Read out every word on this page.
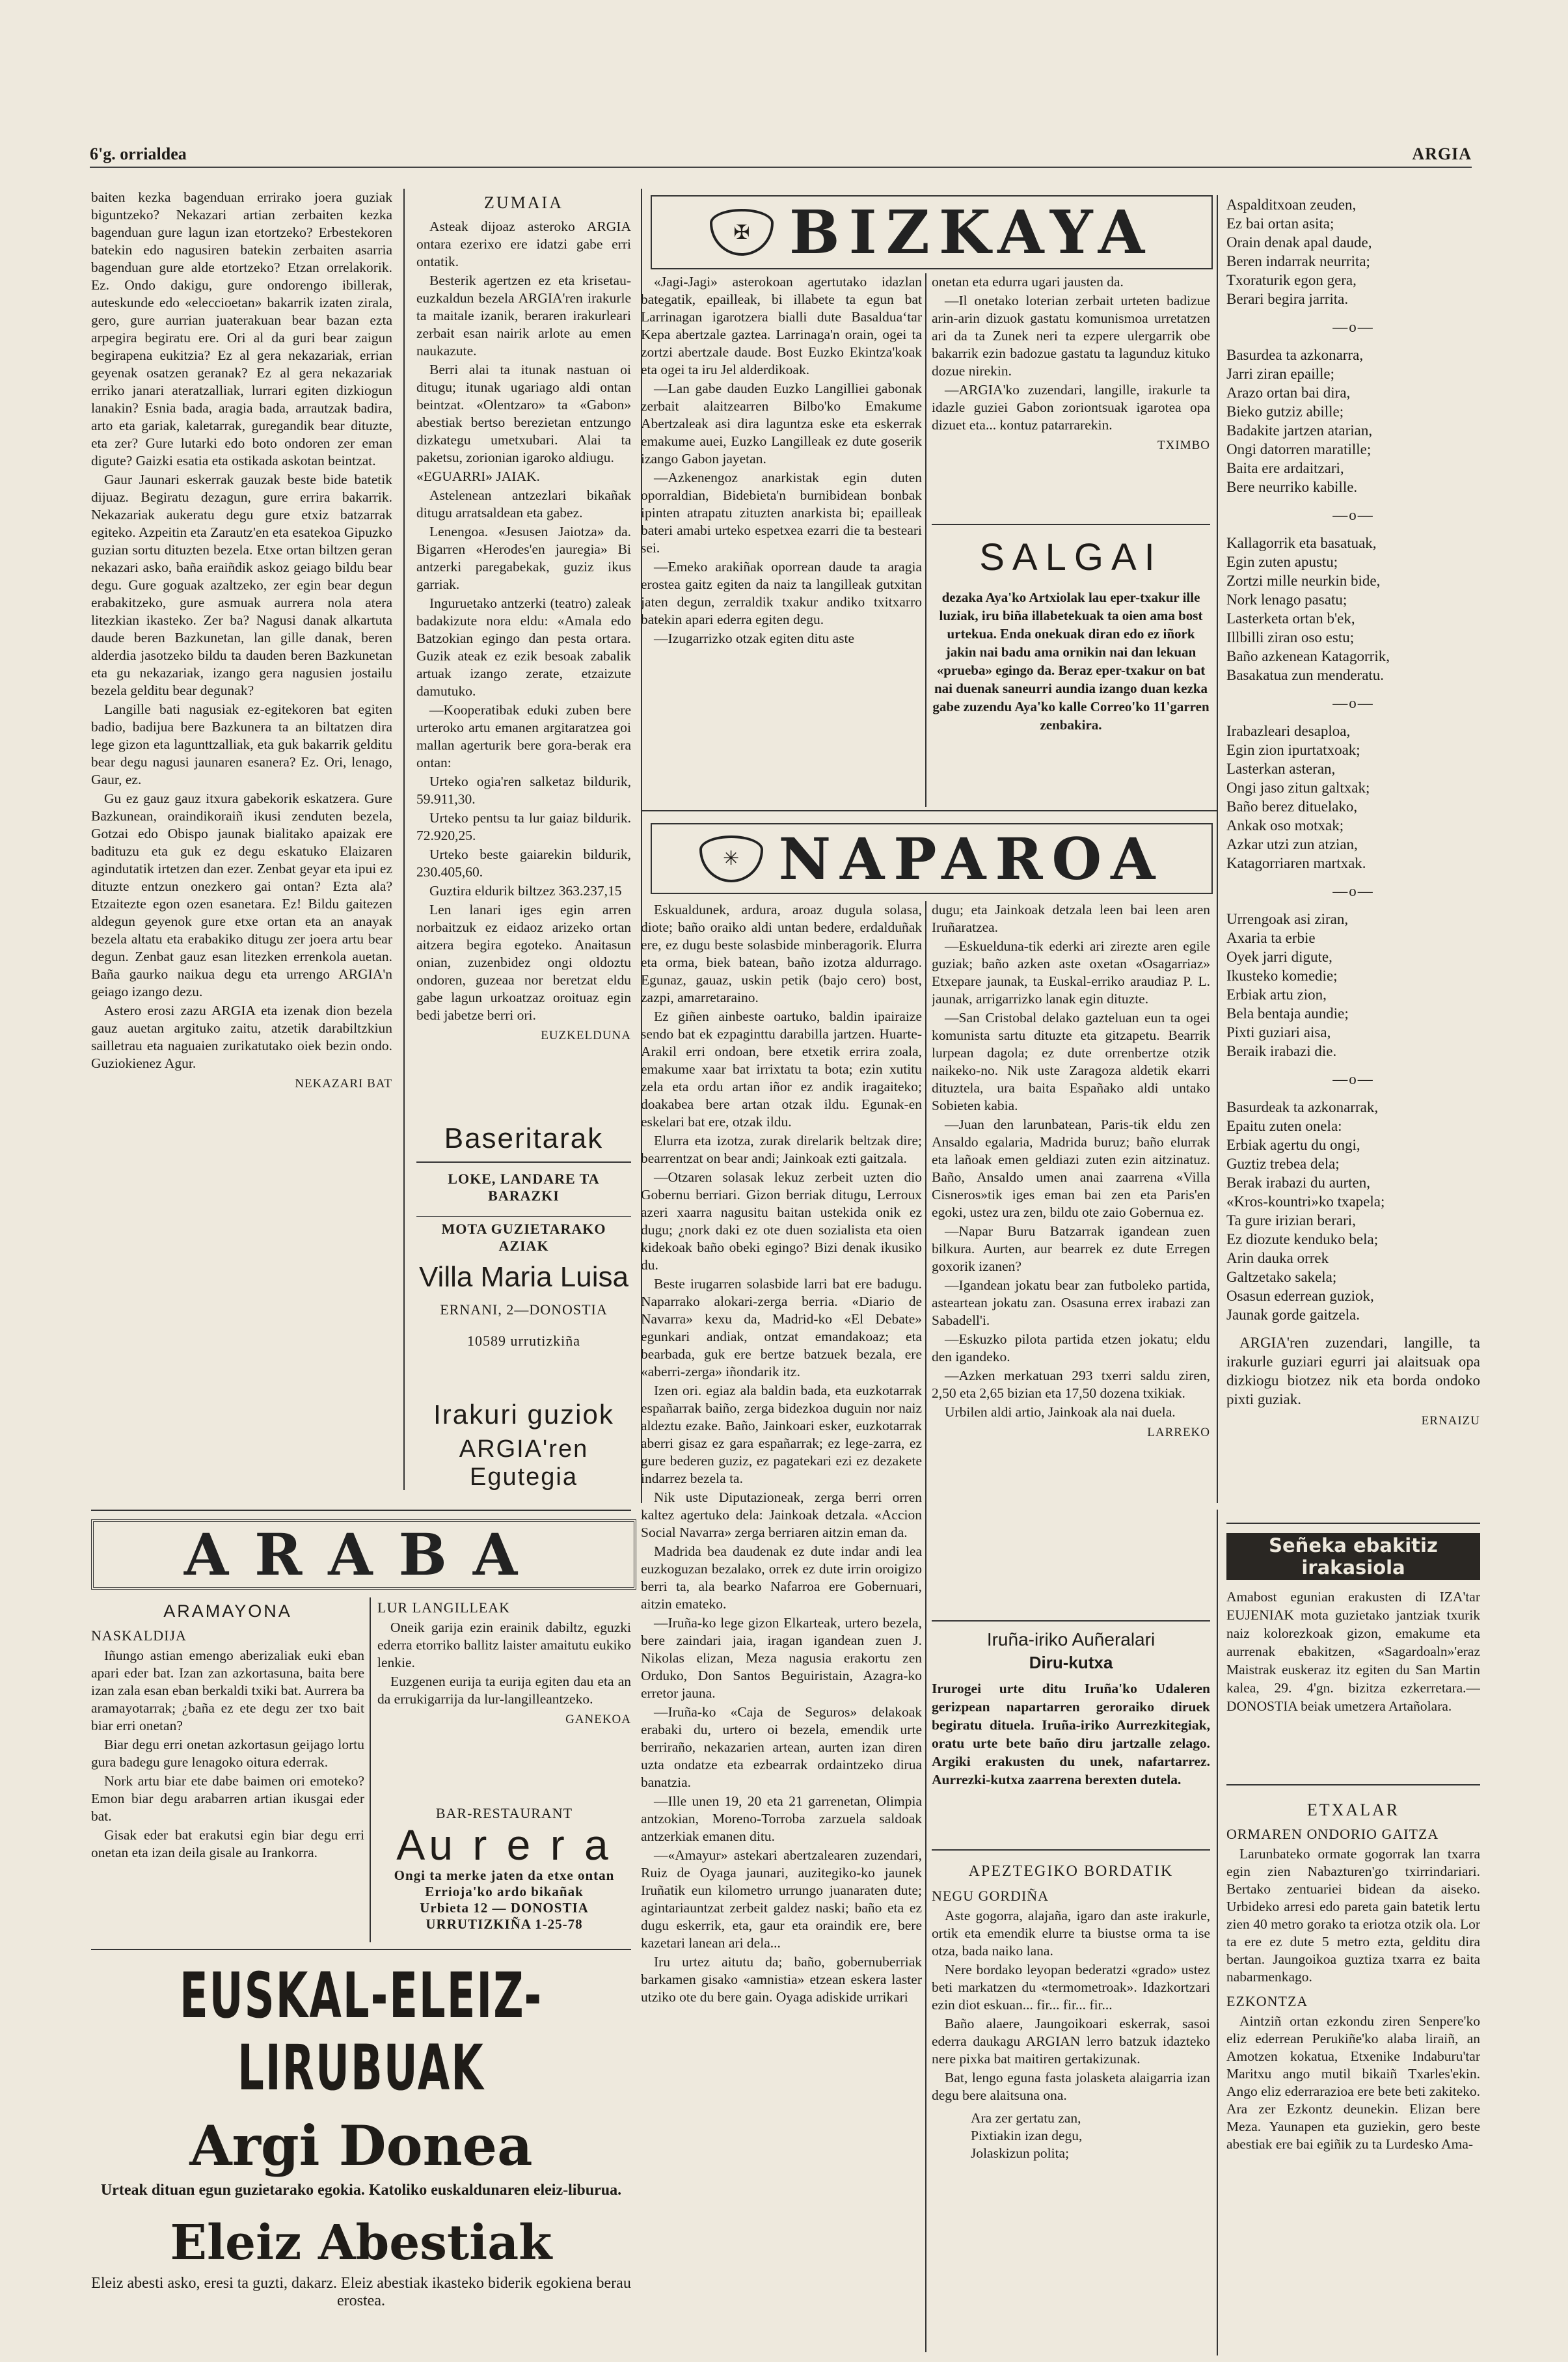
6'g. orrialdea	ARGIA

baiten kezka bagenduan errirako joera guziak biguntzeko? Nekazari artian zerbaiten kezka bagenduan gure lagun izan etortzeko? Erbestekoren batekin edo nagusiren batekin zerbaiten asarria bagenduan gure alde etortzeko? Etzan orrelakorik. Ez. Ondo dakigu, gure ondorengo ibillerak, auteskunde edo «eleccioetan» bakarrik izaten zirala, gero, gure aurrian juaterakuan bear bazan ezta arpegira begiratu ere. Ori al da guri bear zaigun begirapena eukitzia? Ez al gera nekazariak, errian geyenak osatzen geranak? Ez al gera nekazariak erriko janari ateratzalliak, lurrari egiten dizkiogun lanakin? Esnia bada, aragia bada, arrautzak badira, arto eta gariak, kaletarrak, guregandik bear dituzte, eta zer? Gure lutarki edo boto ondoren zer eman digute? Gaizki esatia eta ostikada askotan beintzat.

Gaur Jaunari eskerrak gauzak beste bide batetik dijuaz. Begiratu dezagun, gure errira bakarrik. Nekazariak aukeratu degu gure etxiz batzarrak egiteko. Azpeitin eta Zarautz'en eta esatekoa Gipuzko guzian sortu dituzten bezela. Etxe ortan biltzen geran nekazari asko, baña eraiñdik askoz geiago bildu bear degu. Gure goguak azaltzeko, zer egin bear degun erabakitzeko, gure asmuak aurrera nola atera litezkian ikasteko. Zer ba? Nagusi danak alkartuta daude beren Bazkunetan, lan gille danak, beren alderdia jasotzeko bildu ta dauden beren Bazkunetan eta gu nekazariak, izango gera nagusien jostailu bezela gelditu bear degunak?

Langille bati nagusiak ez-egitekoren bat egiten badio, badijua bere Bazkunera ta an biltatzen dira lege gizon eta lagunttzalliak, eta guk bakarrik gelditu bear degu nagusi jaunaren esanera? Ez. Ori, lenago, Gaur, ez.

Gu ez gauz gauz itxura gabekorik eskatzera. Gure Bazkunean, oraindikoraiñ ikusi zenduten bezela, Gotzai edo Obispo jaunak bialitako apaizak ere badituzu eta guk ez degu eskatuko Elaizaren agindutatik irtetzen dan ezer. Zenbat geyar eta ipui ez dituzte entzun onezkero gai ontan? Ezta ala? Etzaitezte egon ozen esanetara. Ez! Bildu gaitezen aldegun geyenok gure etxe ortan eta an anayak bezela altatu eta erabakiko ditugu zer joera artu bear degun. Zenbat gauz esan litezken errenkola auetan. Baña gaurko naikua degu eta urrengo ARGIA'n geiago izango dezu.

Astero erosi zazu ARGIA eta izenak dion bezela gauz auetan argituko zaitu, atzetik darabiltzkiun sailletrau eta naguaien zurikatutako oiek bezin ondo. Guziokienez Agur.

NEKAZARI BAT

ZUMAIA

Asteak dijoaz asteroko ARGIA ontara ezerixo ere idatzi gabe erri ontatik.

Besterik agertzen ez eta krisetau-euzkaldun bezela ARGIA'ren irakurle ta maitale izanik, beraren irakurleari zerbait esan nairik arlote au emen naukazute.

Berri alai ta itunak nastuan oi ditugu; itunak ugariago aldi ontan beintzat. «Olentzaro» ta «Gabon» abestiak bertso berezietan entzungo dizkategu umetxubari. Alai ta paketsu, zorionian igaroko aldiugu.

«EGUARRI» JAIAK.

Astelenean antzezlari bikañak ditugu arratsaldean eta gabez.

Lenengoa. «Jesusen Jaiotza» da. Bigarren «Herodes'en jauregia» Bi antzerki paregabekak, guziz ikus garriak.

Inguruetako antzerki (teatro) zaleak badakizute nora eldu: «Amala edo Batzokian egingo dan pesta ortara. Guzik ateak ez ezik besoak zabalik artuak izango zerate, etzaizute damutuko.

—Kooperatibak eduki zuben bere urteroko artu emanen argitaratzea goi mallan agerturik bere gora-berak era ontan:

Urteko ogia'ren salketaz bildurik, 59.911,30.

Urteko pentsu ta lur gaiaz bildurik. 72.920,25.

Urteko beste gaiarekin bildurik, 230.405,60.

Guztira eldurik biltzez 363.237,15

Len lanari iges egin arren norbaitzuk ez eidaoz arizeko ortan aitzera begira egoteko. Anaitasun onian, zuzenbidez ongi oldoztu ondoren, guzeaa nor beretzat eldu gabe lagun urkoatzaz oroituaz egin bedi jabetze berri ori.

EUZKELDUNA

Baseritarak
LOKE, LANDARE TA BARAZKI
MOTA GUZIETARAKO AZIAK
Villa Maria Luisa
ERNANI, 2—DONOSTIA
10589 urrutizkiña
Irakuri guziok
ARGIA'ren Egutegia
✠ BIZKAYA

«Jagi-Jagi» asterokoan agertutako idazlan bategatik, epailleak, bi illabete ta egun bat Larrinagan igarotzera bialli dute Basalduaʻtar Kepa abertzale gaztea. Larrinaga'n orain, ogei ta zortzi abertzale daude. Bost Euzko Ekintza'koak eta ogei ta iru Jel alderdikoak.

—Lan gabe dauden Euzko Langilliei gabonak zerbait alaitzearren Bilbo'ko Emakume Abertzaleak asi dira laguntza eske eta eskerrak emakume auei, Euzko Langilleak ez dute goserik izango Gabon jayetan.

—Azkenengoz anarkistak egin duten oporraldian, Bidebieta'n burnibidean bonbak ipinten atrapatu zituzten anarkista bi; epailleak bateri amabi urteko espetxea ezarri die ta besteari sei.

—Emeko arakiñak oporrean daude ta aragia erostea gaitz egiten da naiz ta langilleak gutxitan jaten degun, zerraldik txakur andiko txitxarro batekin apari ederra egiten degu.

—Izugarrizko otzak egiten ditu aste

onetan eta edurra ugari jausten da.

—Il onetako loterian zerbait urteten badizue arin-arin dizuok gastatu komunismoa urretatzen ari da ta Zunek neri ta ezpere ulergarrik obe bakarrik ezin badozue gastatu ta lagunduz kituko dozue nirekin.

—ARGIA'ko zuzendari, langille, irakurle ta idazle guziei Gabon zoriontsuak igarotea opa dizuet eta... kontuz patarrarekin.

TXIMBO

SALGAI
dezaka Aya'ko Artxiolak lau eper-txakur ille luziak, iru biña illabetekuak ta oien ama bost urtekua. Enda onekuak diran edo ez iñork jakin nai badu ama ornikin nai dan lekuan «prueba» egingo da. Beraz eper-txakur on bat nai duenak saneurri aundia izango duan kezka gabe zuzendu Aya'ko kalle Correo'ko 11'garren zenbakira.
Aspalditxoan zeuden,
Ez bai ortan asita;
Orain denak apal daude,
Beren indarrak neurrita;
Txoraturik egon gera,
Berari begira jarrita.
—o—
Basurdea ta azkonarra,
Jarri ziran epaille;
Arazo ortan bai dira,
Bieko gutziz abille;
Badakite jartzen atarian,
Ongi datorren maratille;
Baita ere ardaitzari,
Bere neurriko kabille.
—o—
Kallagorrik eta basatuak,
Egin zuten apustu;
Zortzi mille neurkin bide,
Nork lenago pasatu;
Lasterketa ortan b'ek,
Illbilli ziran oso estu;
Baño azkenean Katagorrik,
Basakatua zun menderatu.
—o—
Irabazleari desaploa,
Egin zion ipurtatxoak;
Lasterkan asteran,
Ongi jaso zitun galtxak;
Baño berez dituelako,
Ankak oso motxak;
Azkar utzi zun atzian,
Katagorriaren martxak.
—o—
Urrengoak asi ziran,
Axaria ta erbie
Oyek jarri digute,
Ikusteko komedie;
Erbiak artu zion,
Bela bentaja aundie;
Pixti guziari aisa,
Beraik irabazi die.
—o—
Basurdeak ta azkonarrak,
Epaitu zuten onela:
Erbiak agertu du ongi,
Guztiz trebea dela;
Berak irabazi du aurten,
«Kros-kountri»ko txapela;
Ta gure irizian berari,
Ez diozute kenduko bela;
Arin dauka orrek
Galtzetako sakela;
Osasun ederrean guziok,
Jaunak gorde gaitzela.

ARGIA'ren zuzendari, langille, ta irakurle guziari egurri jai alaitsuak opa dizkiogu biotzez nik eta borda ondoko pixti guziak.

ERNAIZU

Señeka ebakitiz irakasiola
Amabost egunian erakusten di IZA'tar EUJENIAK mota guzietako jantziak txurik naiz kolorezkoak gizon, emakume eta aurrenak ebakitzen, «Sagardoaln»'eraz Maistrak euskeraz itz egiten du San Martin kalea, 29. 4'gn. bizitza ezkerretara.—DONOSTIA beiak umetzera Artañolara.
ETXALAR
ORMAREN ONDORIO GAITZA

Larunbateko ormate gogorrak lan txarra egin zien Nabazturen'go txirrindariari. Bertako zentuariei bidean da aiseko. Urbideko arresi edo pareta gain batetik lertu zien 40 metro gorako ta eriotza otzik ola. Lor ta ere ez dute 5 metro ezta, gelditu dira bertan. Jaungoikoa guztiza txarra ez baita nabarmenkago.

EZKONTZA

Aintziñ ortan ezkondu ziren Senpere'ko eliz ederrean Perukiñe'ko alaba liraiñ, an Amotzen kokatua, Etxenike Indaburu'tar Maritxu ango mutil bikaiñ Txarles'ekin. Ango eliz ederrarazioa ere bete beti zakiteko. Ara zer Ezkontz deunekin. Elizan bere Meza. Yaunapen eta guziekin, gero beste abestiak ere bai egiñik zu ta Lurdesko Ama-

✳ NAPAROA

Eskualdunek, ardura, aroaz dugula solasa, diote; baño oraiko aldi untan bedere, erdalduñak ere, ez dugu beste solasbide minberagorik. Elurra eta orma, biek batean, baño izotza aldurrago. Egunaz, gauaz, uskin petik (bajo cero) bost, zazpi, amarretaraino.

Ez giñen ainbeste oartuko, baldin ipairaize sendo bat ek ezpaginttu darabilla jartzen. Huarte-Arakil erri ondoan, bere etxetik errira zoala, emakume xaar bat irrixtatu ta bota; ezin xutitu zela eta ordu artan iñor ez andik iragaiteko; doakabea bere artan otzak ildu. Egunak-en eskelari bat ere, otzak ildu.

Elurra eta izotza, zurak direlarik beltzak dire; bearrentzat on bear andi; Jainkoak ezti gaitzala.

—Otzaren solasak lekuz zerbeit uzten dio Gobernu berriari. Gizon berriak ditugu, Lerroux azeri xaarra nagusitu baitan ustekida onik ez dugu; ¿nork daki ez ote duen sozialista eta oien kidekoak baño obeki egingo? Bizi denak ikusiko du.

Beste irugarren solasbide larri bat ere badugu. Naparrako alokari-zerga berria. «Diario de Navarra» kexu da, Madrid-ko «El Debate» egunkari andiak, ontzat emandakoaz; eta bearbada, guk ere bertze batzuek bezala, ere «aberri-zerga» iñondarik itz.

Izen ori. egiaz ala baldin bada, eta euzkotarrak españarrak baiño, zerga bidezkoa duguin nor naiz aldeztu ezake. Baño, Jainkoari esker, euzkotarrak aberri gisaz ez gara españarrak; ez lege-zarra, ez gure bederen guziz, ez pagatekari ezi ez dezakete indarrez bezela ta.

Nik uste Diputazioneak, zerga berri orren kaltez agertuko dela: Jainkoak detzala. «Accion Social Navarra» zerga berriaren aitzin eman da.

Madrida bea daudenak ez dute indar andi lea euzkoguzan bezalako, orrek ez dute irrin oroigizo berri ta, ala bearko Nafarroa ere Gobernuari, aitzin emateko.

—Iruña-ko lege gizon Elkarteak, urtero bezela, bere zaindari jaia, iragan igandean zuen J. Nikolas elizan, Meza nagusia erakortu zen Orduko, Don Santos Beguiristain, Azagra-ko erretor jauna.

—Iruña-ko «Caja de Seguros» delakoak erabaki du, urtero oi bezela, emendik urte berriraño, nekazarien artean, aurten izan diren uzta ondatze eta ezbearrak ordaintzeko dirua banatzia.

—Ille unen 19, 20 eta 21 garrenetan, Olimpia antzokian, Moreno-Torroba zarzuela saldoak antzerkiak emanen ditu.

—«Amayur» astekari abertzalearen zuzendari, Ruiz de Oyaga jaunari, auzitegiko-ko jaunek Iruñatik eun kilometro urrungo juanaraten dute; agintariauntzat zerbeit galdez naski; baño eta ez dugu eskerrik, eta, gaur eta oraindik ere, bere kazetari lanean ari dela...

Iru urtez aitutu da; baño, gobernuberriak barkamen gisako «amnistia» etzean eskera laster utziko ote du bere gain. Oyaga adiskide urrikari

dugu; eta Jainkoak detzala leen bai leen aren Iruñaratzea.

—Eskuelduna-tik ederki ari zirezte aren egile guziak; baño azken aste oxetan «Osagarriaz» Etxepare jaunak, ta Euskal-erriko araudiaz P. L. jaunak, arrigarrizko lanak egin dituzte.

—San Cristobal delako gazteluan eun ta ogei komunista sartu dituzte eta gitzapetu. Bearrik lurpean dagola; ez dute orrenbertze otzik naikeko-no. Nik uste Zaragoza aldetik ekarri dituztela, ura baita Españako aldi untako Sobieten kabia.

—Juan den larunbatean, Paris-tik eldu zen Ansaldo egalaria, Madrida buruz; baño elurrak eta lañoak emen geldiazi zuten ezin aitzinatuz. Baño, Ansaldo umen anai zaarrena «Villa Cisneros»tik iges eman bai zen eta Paris'en egoki, ustez ura zen, bildu ote zaio Gobernua ez.

—Napar Buru Batzarrak igandean zuen bilkura. Aurten, aur bearrek ez dute Erregen goxorik izanen?

—Igandean jokatu bear zan futboleko partida, asteartean jokatu zan. Osasuna errex irabazi zan Sabadell'i.

—Eskuzko pilota partida etzen jokatu; eldu den igandeko.

—Azken merkatuan 293 txerri saldu ziren, 2,50 eta 2,65 bizian eta 17,50 dozena txikiak.

Urbilen aldi artio, Jainkoak ala nai duela.

LARREKO

Iruña-iriko Auñeralari
Diru-kutxa
Irurogei urte ditu Iruña'ko Udaleren gerizpean napartarren geroraiko diruek begiratu dituela. Iruña-iriko Aurrezkitegiak, oratu urte bete baño diru jartzalle zelago. Argiki erakusten du unek, nafartarrez. Aurrezki-kutxa zaarrena berexten dutela.
APEZTEGIKO BORDATIK
NEGU GORDIÑA

Aste gogorra, alajaña, igaro dan aste irakurle, ortik eta emendik elurre ta biustse orma ta ise otza, bada naiko lana.

Nere bordako leyopan bederatzi «grado» ustez beti markatzen du «termometroak». Idazkortzari ezin diot eskuan... fir... fir... fir...

Baño alaere, Jaungoikoari eskerrak, sasoi ederra daukagu ARGIAN lerro batzuk idazteko nere pixka bat maitiren gertakizunak.

Bat, lengo eguna fasta jolasketa alaigarria izan degu bere alaitsuna ona.

Ara zer gertatu zan,
Pixtiakin izan degu,
Jolaskizun polita;
ARABA
ARAMAYONA
NASKALDIJA

Iñungo astian emengo aberizaliak euki eban apari eder bat. Izan zan azkortasuna, baita bere izan zala esan eban berkaldi txiki bat. Aurrera ba aramayotarrak; ¿baña ez ete degu zer txo bait biar erri onetan?

Biar degu erri onetan azkortasun geijago lortu gura badegu gure lenagoko oitura ederrak.

Nork artu biar ete dabe baimen ori emoteko? Emon biar degu arabarren artian ikusgai eder bat.

Gisak eder bat erakutsi egin biar degu erri onetan eta izan deila gisale au Irankorra.

LUR LANGILLEAK

Oneik garija ezin erainik dabiltz, eguzki ederra etorriko ballitz laister amaitutu eukiko lenkie.

Euzgenen eurija ta eurija egiten dau eta an da errukigarrija da lur-langilleantzeko.

GANEKOA

BAR-RESTAURANT
Au r e r a
Ongi ta merke jaten da etxe ontan
Errioja'ko ardo bikañak
Urbieta 12 — DONOSTIA
URRUTIZKIÑA 1-25-78
EUSKAL-ELEIZ- LIRUBUAK
Argi Donea
Urteak dituan egun guzietarako egokia. Katoliko euskaldunaren eleiz-liburua.
Eleiz Abestiak
Eleiz abesti asko, eresi ta guzti, dakarz. Eleiz abestiak ikasteko biderik egokiena berau erostea.
